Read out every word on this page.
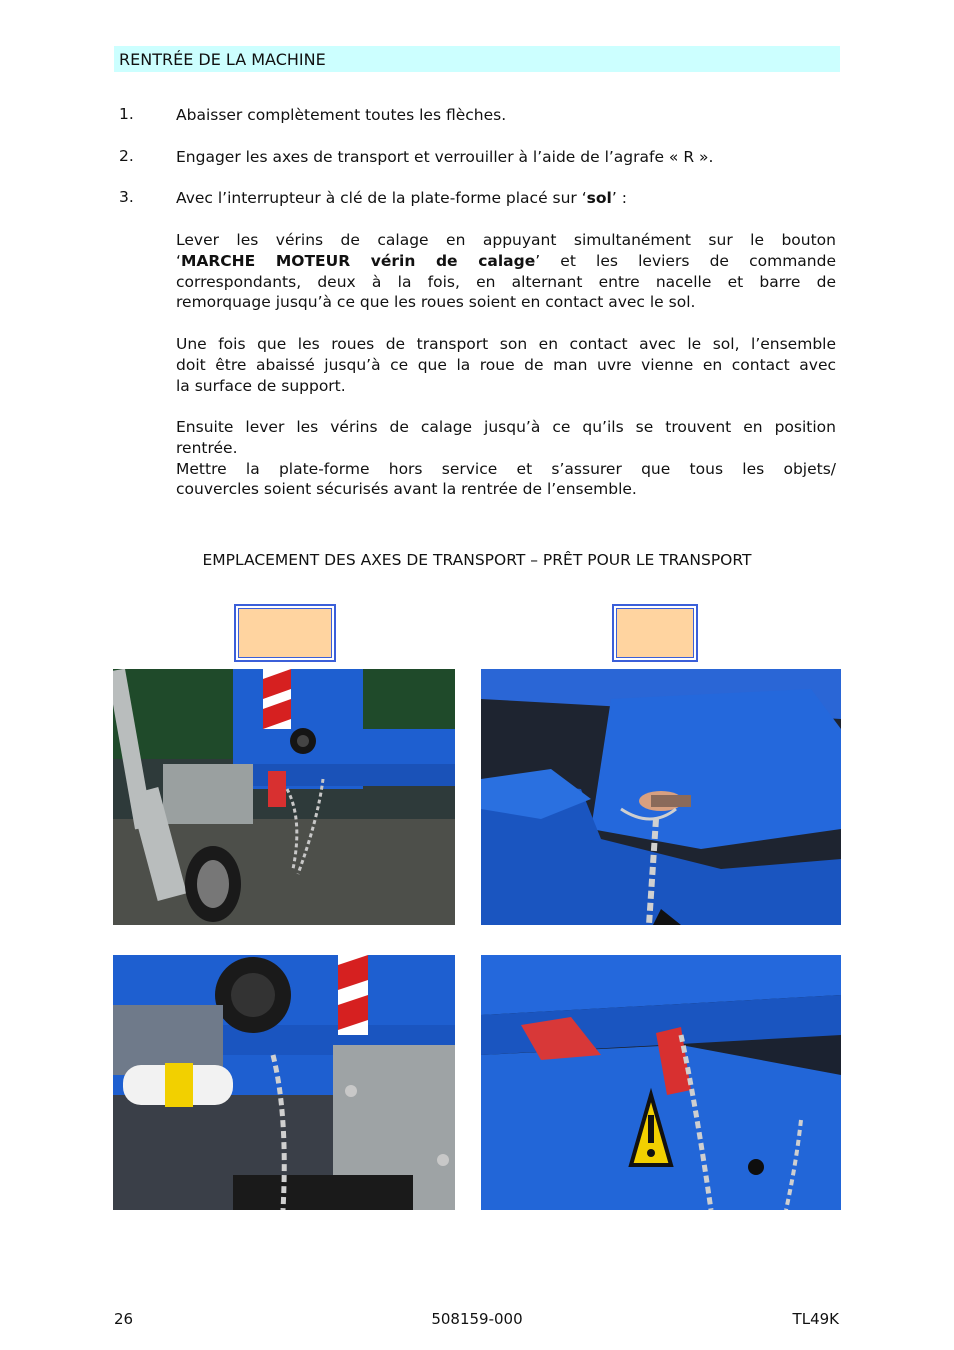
RENTRÉE DE LA MACHINE
1.	Abaisser complètement toutes les flèches.
2.	Engager les axes de transport et verrouiller à l’aide de l’agrafe « R ».
3.	Avec l’interrupteur à clé de la plate-forme placé sur ‘sol’ :
Lever les vérins de calage en appuyant simultanément sur le bouton
‘MARCHE MOTEUR vérin de calage’ et les leviers de commande
correspondants, deux à la fois, en alternant entre nacelle et barre de
remorquage jusqu’à ce que les roues soient en contact avec le sol.
Une fois que les roues de transport son en contact avec le sol, l’ensemble
doit être abaissé jusqu’à ce que la roue de man uvre vienne en contact avec
la surface de support.
Ensuite lever les vérins de calage jusqu’à ce qu’ils se trouvent en position
rentrée.
Mettre la plate-forme hors service et s’assurer que tous les objets/
couvercles soient sécurisés avant la rentrée de l’ensemble.
EMPLACEMENT DES AXES DE TRANSPORT – PRÊT POUR LE TRANSPORT
26	508159-000	TL49K
